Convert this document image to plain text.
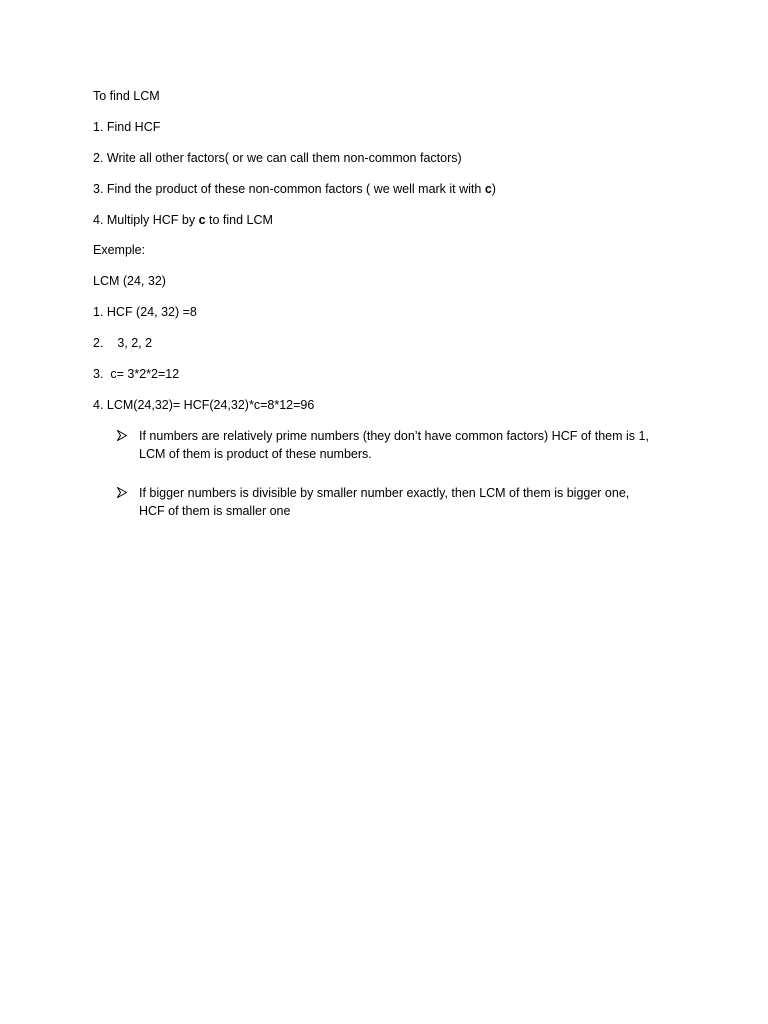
To find LCM
1. Find HCF
2. Write all other factors( or we can call them non-common factors)
3. Find the product of these non-common factors ( we well mark it with c)
4. Multiply HCF by c to find LCM
Exemple:
LCM (24, 32)
1. HCF (24, 32) =8
2.    3, 2, 2
3.  c= 3*2*2=12
4. LCM(24,32)= HCF(24,32)*c=8*12=96
If numbers are relatively prime numbers (they don’t have common factors) HCF of them is 1,
LCM of them is product of these numbers.
If bigger numbers is divisible by smaller number exactly, then LCM of them is bigger one,
HCF of them is smaller one
